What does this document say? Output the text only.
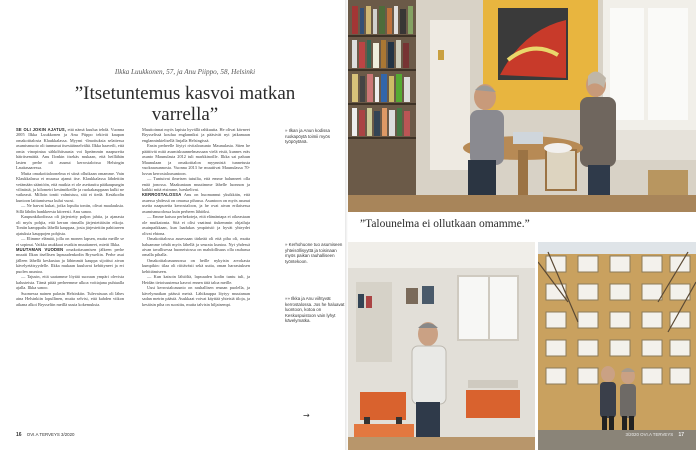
Ilkka Luukkonen, 57, ja Anu Piippo, 58, Helsinki
”Itsetuntemus kasvoi matkan varrella”

SE OLI JOKIN AJATUS, että nämä kuulua tehdä. Vuonna 2005 Ilkka Luukkonen ja Anu Piippo tekivät kaupan omakotitalosta Klaukkalassa. Myymi -ilmoituksia selattessa asumismuoto oli tunnunut itsestäänselvältä. Ilkka haaveili, että omia vinopintaa sähköhitsausta voi lipeämmin naapureita häiritsemättä. Anu Ilonkin itsekäs mukaan, että heillähän lasten perhe oli asunut kerrostaloissa Helsingin Lauttasaaressa.

Mutta omakotitaloonelma ei siinä ollutkaan omamme. Vain Klaukkalassa ei muussa ajanut itse. Klaukkalassa lähdettiin vetämään sääntöön, että mutkia ei ole asettauttu pääkaupungin vilinästä, ja kilometri kesämökeille ja ruokakauppaan kulki ne vaikeasti. Milloin tontti valmistuu, sitä ei tiedä. Kesäkodin kuntoon laittamisessa kului vuosi.

— Ne harvat kukat, jotka lopulta tontin, olivat maalauksia. Sillä lähdin hankkeesta kiireesti. Anu sanoo.

Kaupunkikodisssa oli järjestetty paljon jahtia, ja ajanasta oli myös pohjia, että kerran rinnalla järjestettäisiin etkoja. Tontin kamppailu lähellä kauppaa, josta järjestettiin pahitareen ajatuksia kauppojen pohjista.

— Elimme elämää, jolla on monen lapsen, mutta meille se ei sopinut. Vaikka asukkaat ovatkin muuttaneet, mietti Ilkka.

MUUTAMAN VUODEN omakotiasumisen jälkeen perhe muutti Ilkan itsellisen lapsuudenkodin Brysseliin. Perhe asui jälleen lähellä keskustaa ja lähimmät kauppa sijoittui aivan kävelyetäisyydelle. Ilkka mukaan kuuluvat kehittyneet ja eri puolen asuntoa.

— Tajusin, että saatamme löytää suoraan ympäri olevista kalusteista. Tämä pitää perheemme ulkoa voittajana puhtaalla ajalla. Ilkka sanoo.

Suomessa nainen palasin Helsinkiin. Tulevaisuus oli lähes aina Helsinkiin lopullinen, mutta selvisi, että kahden viikon aikana alkoi Brysseliin meillä uusia kokemuksia.

Muuttoinnat myös lapista hyvällä rahkuutta. He olivat kävneet Brysselissä koulua englanniksi ja pääsivät nyt jatkamaan englanninkielisellä linjalla Helsingissä.

Ensin perheelle löytyi rivitaloasunto Maunulasta. Siten he päättivät mitä asumiskuunnelmassaan vielä etsiä, kunnes eräs asunto Maunulasta 2012 tuli markkinoille. Ilkka sai paluun Maunulaan ja omakotitalon myynnistä tunnetusta vuokraasunnosta. Vuonna 2013 he muuttivat Maunulassa 70-luvun kerrostaloasuntoon.

— Tuntuivat ilmeisen tutuilta, että emme halunneet olla enää jonossa. Maakuntaan muutimme lähelle luonnon ja kaikki mitä etsimme, lueskelivat.

KERROSTALOSSA Anu on huomannut yksikkäin, että asuessa yhdessä on omassa pihassa. Asuntoon on myös asunut useita naapureita kerrostaloon, ja he ovat aivan erilaisessa asumismuodossa kuin perheen lähiöksi.

— Emme katsoa perhekoteja, että elämäntapa ei oikeastaan ole mutkatonta. Sitä ei olisi vaatinut tiukemmin ohjailuja asuinpaikkaan, kun laadukas ympäristö ja hyvät yhteydet olivat ehtona.

Omakotitalossa asuessaan tärkeää oli että piha oli, mutta haluamme tehdä myös lähellä ja seurata kuntoa. Nyt yhdessä aivan tavallisessa huoneistossa on mahdollisuus olla rauhassa omalla pihalla.

Omakotitaloasunnossa on heille nykyisin arvokasta kumpikin: tilaa oli riittävästi sekä uutta, oman harrastuksen kehittämiseen.

— Kun katsoin lähiöltä, lapsuuden kodin tuntu tuli, ja Heidän tietoisuutensa kasvoi ennen tätä taloa meille.

Uusi kerrostaloasunto on rauhallisen reunan puolella, ja kävelymatkan päässä metsä. Lähikauppa löytyy muutaman sadan metrin päästä. Asukkaat voivat käyttää yhteisiä tiloja, ja kesäisin piha on suosittu, mutta talvisin hiljaisempi.

» Ilkan ja Anun kodissa ruokapöytä toimii myös työpöytänä.
» Kerhohuone tuo asumiseen yhteisöllisyyttä ja toisinaan myös paikan rauhalliseen työntekoon.
»» Ilkka ja Anu viihtyvät kerrostalossa. Jos he haluavat luontoon, kotoa on Keskuspuistoon vain lyhyt kävelymatka.
→
16 OVI.A TERVEYS 3/2020
”Talounelma ei ollutkaan omamme.”
3/2020 OVI.A TERVEYS 17
